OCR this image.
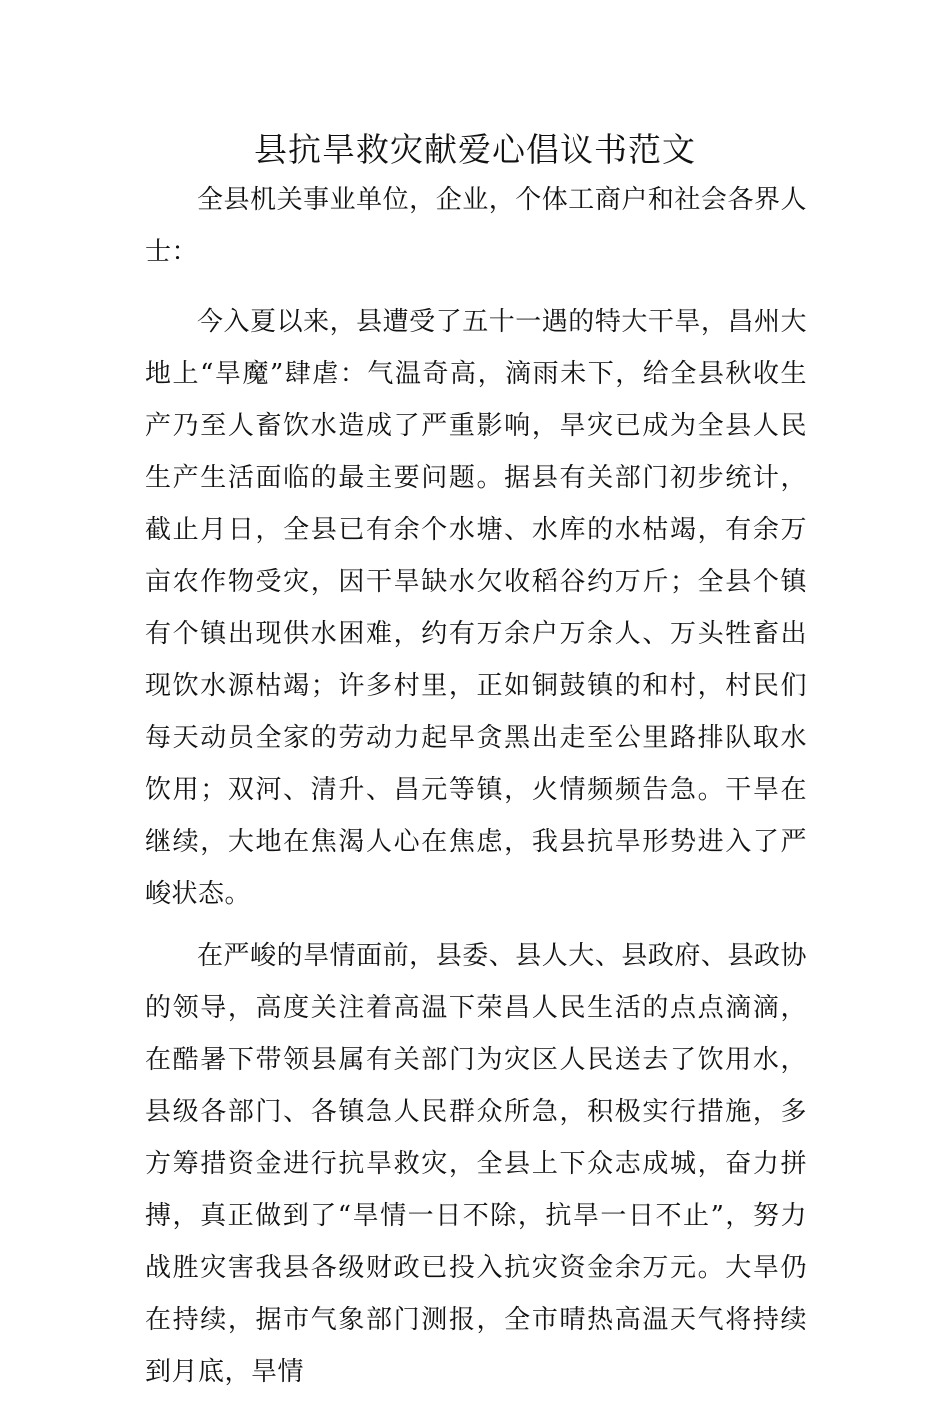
县抗旱救灾献爱心倡议书范文

全县机关事业单位，企业，个体工商户和社会各界人士：

今入夏以来，县遭受了五十一遇的特大干旱，昌州大地上“旱魔”肆虐：气温奇高，滴雨未下，给全县秋收生产乃至人畜饮水造成了严重影响，旱灾已成为全县人民生产生活面临的最主要问题。据县有关部门初步统计，截止月日，全县已有余个水塘、水库的水枯竭，有余万亩农作物受灾，因干旱缺水欠收稻谷约万斤；全县个镇有个镇出现供水困难，约有万余户万余人、万头牲畜出现饮水源枯竭；许多村里，正如铜鼓镇的和村，村民们每天动员全家的劳动力起早贪黑出走至公里路排队取水饮用；双河、清升、昌元等镇，火情频频告急。干旱在继续，大地在焦渴人心在焦虑，我县抗旱形势进入了严峻状态。

在严峻的旱情面前，县委、县人大、县政府、县政协的领导，高度关注着高温下荣昌人民生活的点点滴滴，在酷暑下带领县属有关部门为灾区人民送去了饮用水，县级各部门、各镇急人民群众所急，积极实行措施，多方筹措资金进行抗旱救灾，全县上下众志成城，奋力拼搏，真正做到了“旱情一日不除，抗旱一日不止”，努力战胜灾害我县各级财政已投入抗灾资金余万元。大旱仍在持续，据市气象部门测报，全市晴热高温天气将持续到月底，旱情
